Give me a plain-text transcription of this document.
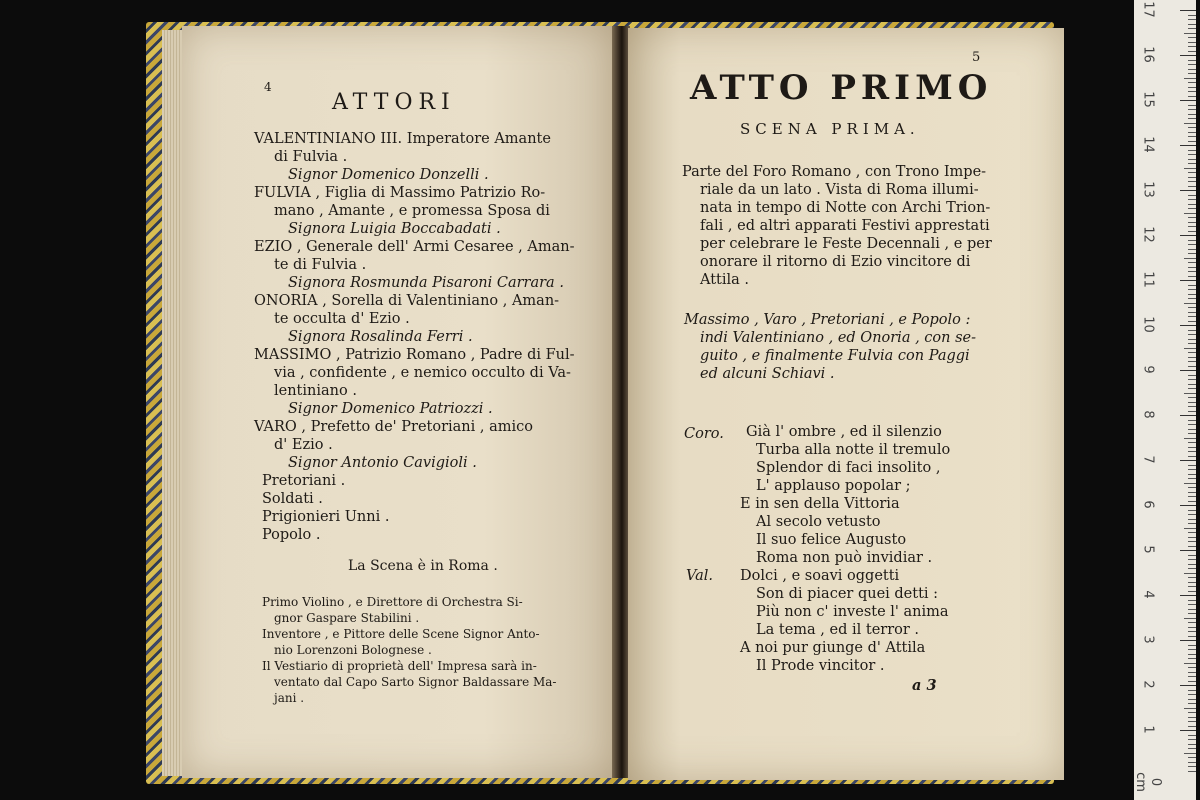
4
ATTORI
VALENTINIANO III. Imperatore Amante
di Fulvia .
Signor Domenico Donzelli .
FULVIA , Figlia di Massimo Patrizio Ro-
mano , Amante , e promessa Sposa di
Signora Luigia Boccabadati .
EZIO , Generale dell' Armi Cesaree , Aman-
te di Fulvia .
Signora Rosmunda Pisaroni Carrara .
ONORIA , Sorella di Valentiniano , Aman-
te occulta d' Ezio .
Signora Rosalinda Ferri .
MASSIMO , Patrizio Romano , Padre di Ful-
via , confidente , e nemico occulto di Va-
lentiniano .
Signor Domenico Patriozzi .
VARO , Prefetto de' Pretoriani , amico
d' Ezio .
Signor Antonio Cavigioli .
Pretoriani .
Soldati .
Prigionieri Unni .
Popolo .
La Scena è in Roma .
Primo Violino , e Direttore di Orchestra Si-
gnor Gaspare Stabilini .
Inventore , e Pittore delle Scene Signor Anto-
nio Lorenzoni Bolognese .
Il Vestiario di proprietà dell' Impresa sarà in-
ventato dal Capo Sarto Signor Baldassare Ma-
jani .
5
ATTO PRIMO
SCENA PRIMA.
Parte del Foro Romano , con Trono Impe-
riale da un lato . Vista di Roma illumi-
nata in tempo di Notte con Archi Trion-
fali , ed altri apparati Festivi apprestati
per celebrare le Feste Decennali , e per
onorare il ritorno di Ezio vincitore di
Attila .
Massimo , Varo , Pretoriani , e Popolo :
indi Valentiniano , ed Onoria , con se-
guito , e finalmente Fulvia con Paggi
ed alcuni Schiavi .
Coro. Già l' ombre , ed il silenzio
Turba alla notte il tremulo
Splendor di faci insolito ,
L' applauso popolar ;
E in sen della Vittoria
Al secolo vetusto
Il suo felice Augusto
Roma non può invidiar .
Val. Dolci , e soavi oggetti
Son di piacer quei detti :
Più non c' investe l' anima
La tema , ed il terror .
A noi pur giunge d' Attila
Il Prode vincitor .
a 3
17
16
15
14
13
12
11
10
9
8
7
6
5
4
3
2
1
0 cm
